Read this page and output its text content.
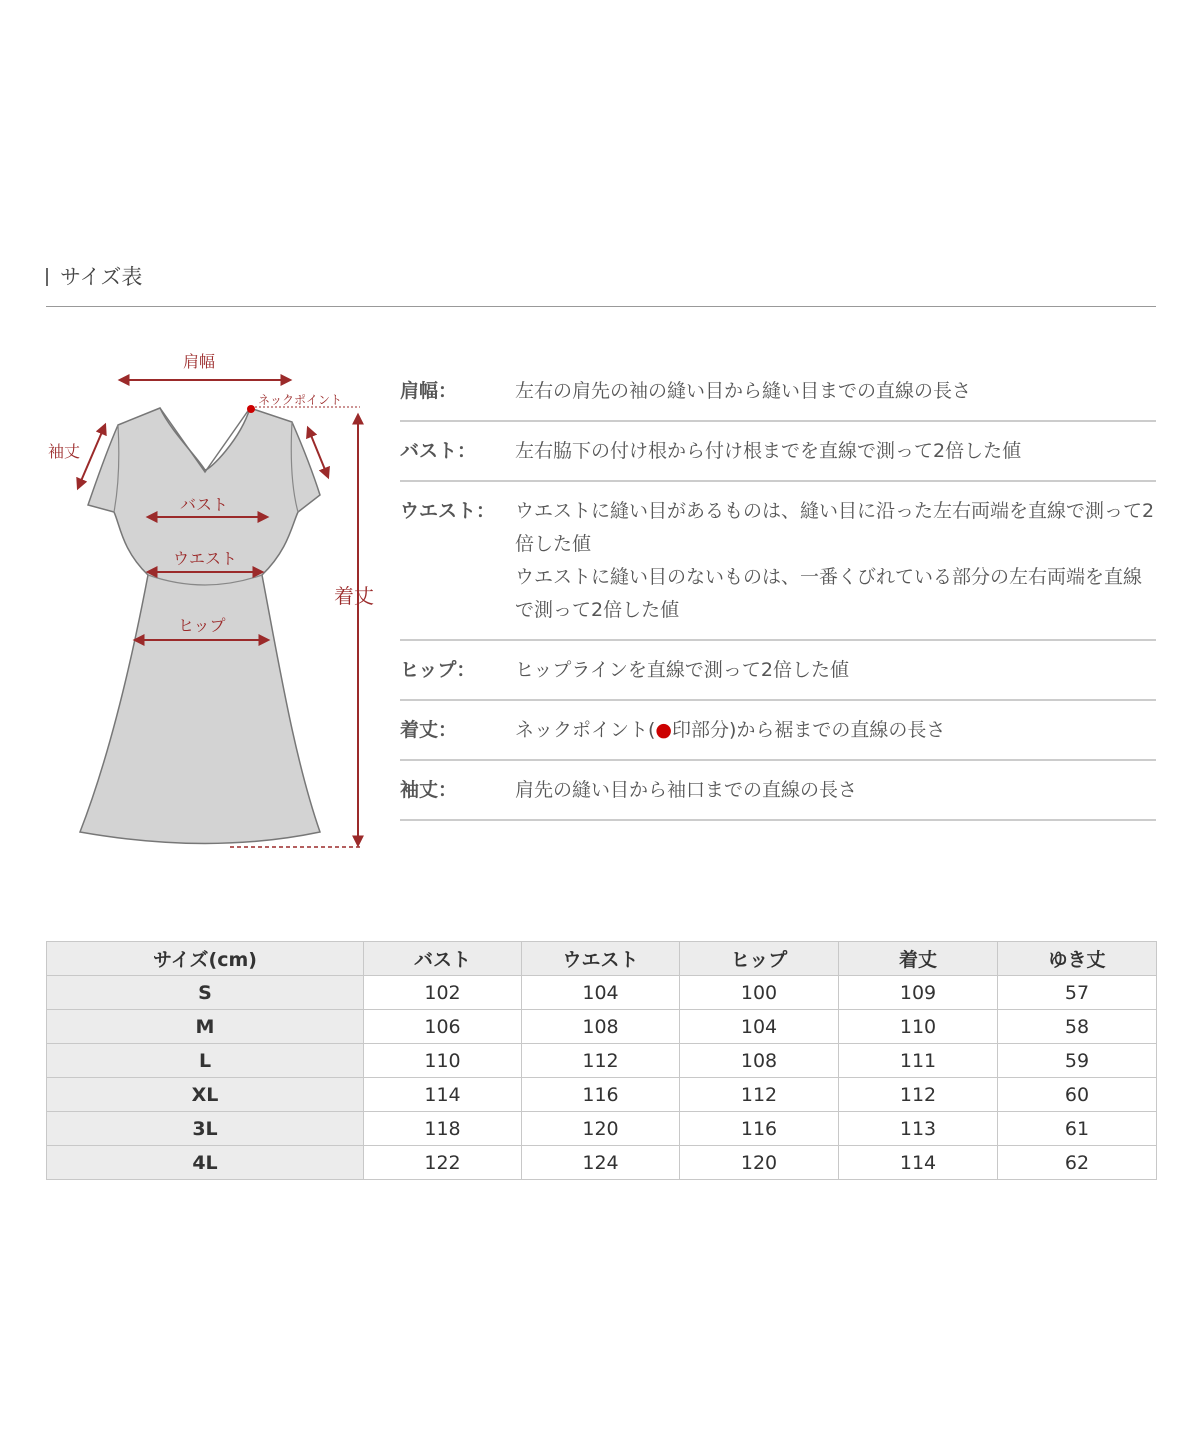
サイズ表
肩幅
ネックポイント
袖丈
バスト
ウエスト
ヒップ
着丈
肩幅：	左右の肩先の袖の縫い目から縫い目までの直線の長さ

バスト：	左右脇下の付け根から付け根までを直線で測って2倍した値

ウエスト：	ウエストに縫い目があるものは、縫い目に沿った左右両端を直線で測って2倍した値

ウエストに縫い目のないものは、一番くびれている部分の左右両端を直線で測って2倍した値

ヒップ：	ヒップラインを直線で測って2倍した値

着丈：	ネックポイント(●印部分)から裾までの直線の長さ

袖丈：	肩先の縫い目から袖口までの直線の長さ

サイズ(cm)	バスト	ウエスト	ヒップ	着丈	ゆき丈
S	102	104	100	109	57
M	106	108	104	110	58
L	110	112	108	111	59
XL	114	116	112	112	60
3L	118	120	116	113	61
4L	122	124	120	114	62
